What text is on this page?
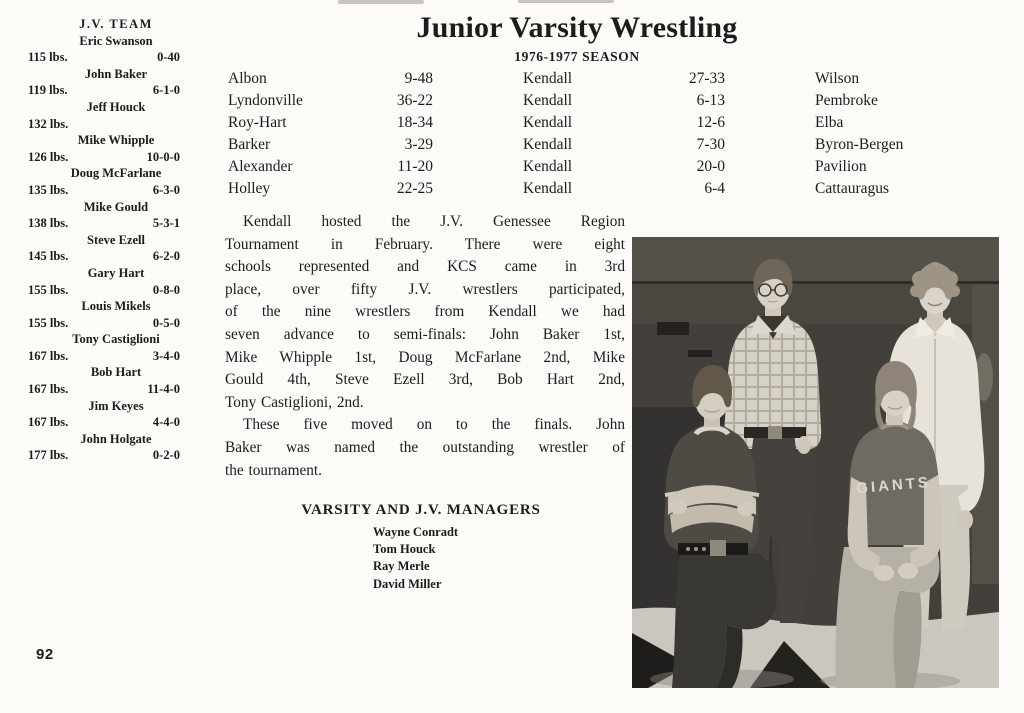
J.V. TEAM
Eric Swanson
115 lbs.	0-40
John Baker
119 lbs.	6-1-0
Jeff Houck
132 lbs.
Mike Whipple
126 lbs.	10-0-0
Doug McFarlane
135 lbs.	6-3-0
Mike Gould
138 lbs.	5-3-1
Steve Ezell
145 lbs.	6-2-0
Gary Hart
155 lbs.	0-8-0
Louis Mikels
155 lbs.	0-5-0
Tony Castiglioni
167 lbs.	3-4-0
Bob Hart
167 lbs.	11-4-0
Jim Keyes
167 lbs.	4-4-0
John Holgate
177 lbs.	0-2-0
Junior Varsity Wrestling
1976-1977 SEASON
Albon	9-48	Kendall	27-33	Wilson
Lyndonville	36-22	Kendall	6-13	Pembroke
Roy-Hart	18-34	Kendall	12-6	Elba
Barker	3-29	Kendall	7-30	Byron-Bergen
Alexander	11-20	Kendall	20-0	Pavilion
Holley	22-25	Kendall	6-4	Cattauragus
Kendall hosted the J.V. Genessee Region
Tournament in February. There were eight
schools represented and KCS came in 3rd
place, over fifty J.V. wrestlers participated,
of the nine wrestlers from Kendall we had
seven advance to semi-finals: John Baker 1st,
Mike Whipple 1st, Doug McFarlane 2nd, Mike
Gould 4th, Steve Ezell 3rd, Bob Hart 2nd,
Tony Castiglioni, 2nd.
These five moved on to the finals. John
Baker was named the outstanding wrestler of
the tournament.
VARSITY AND J.V. MANAGERS
Wayne Conradt
Tom Houck
Ray Merle
David Miller
GIANTS
92
